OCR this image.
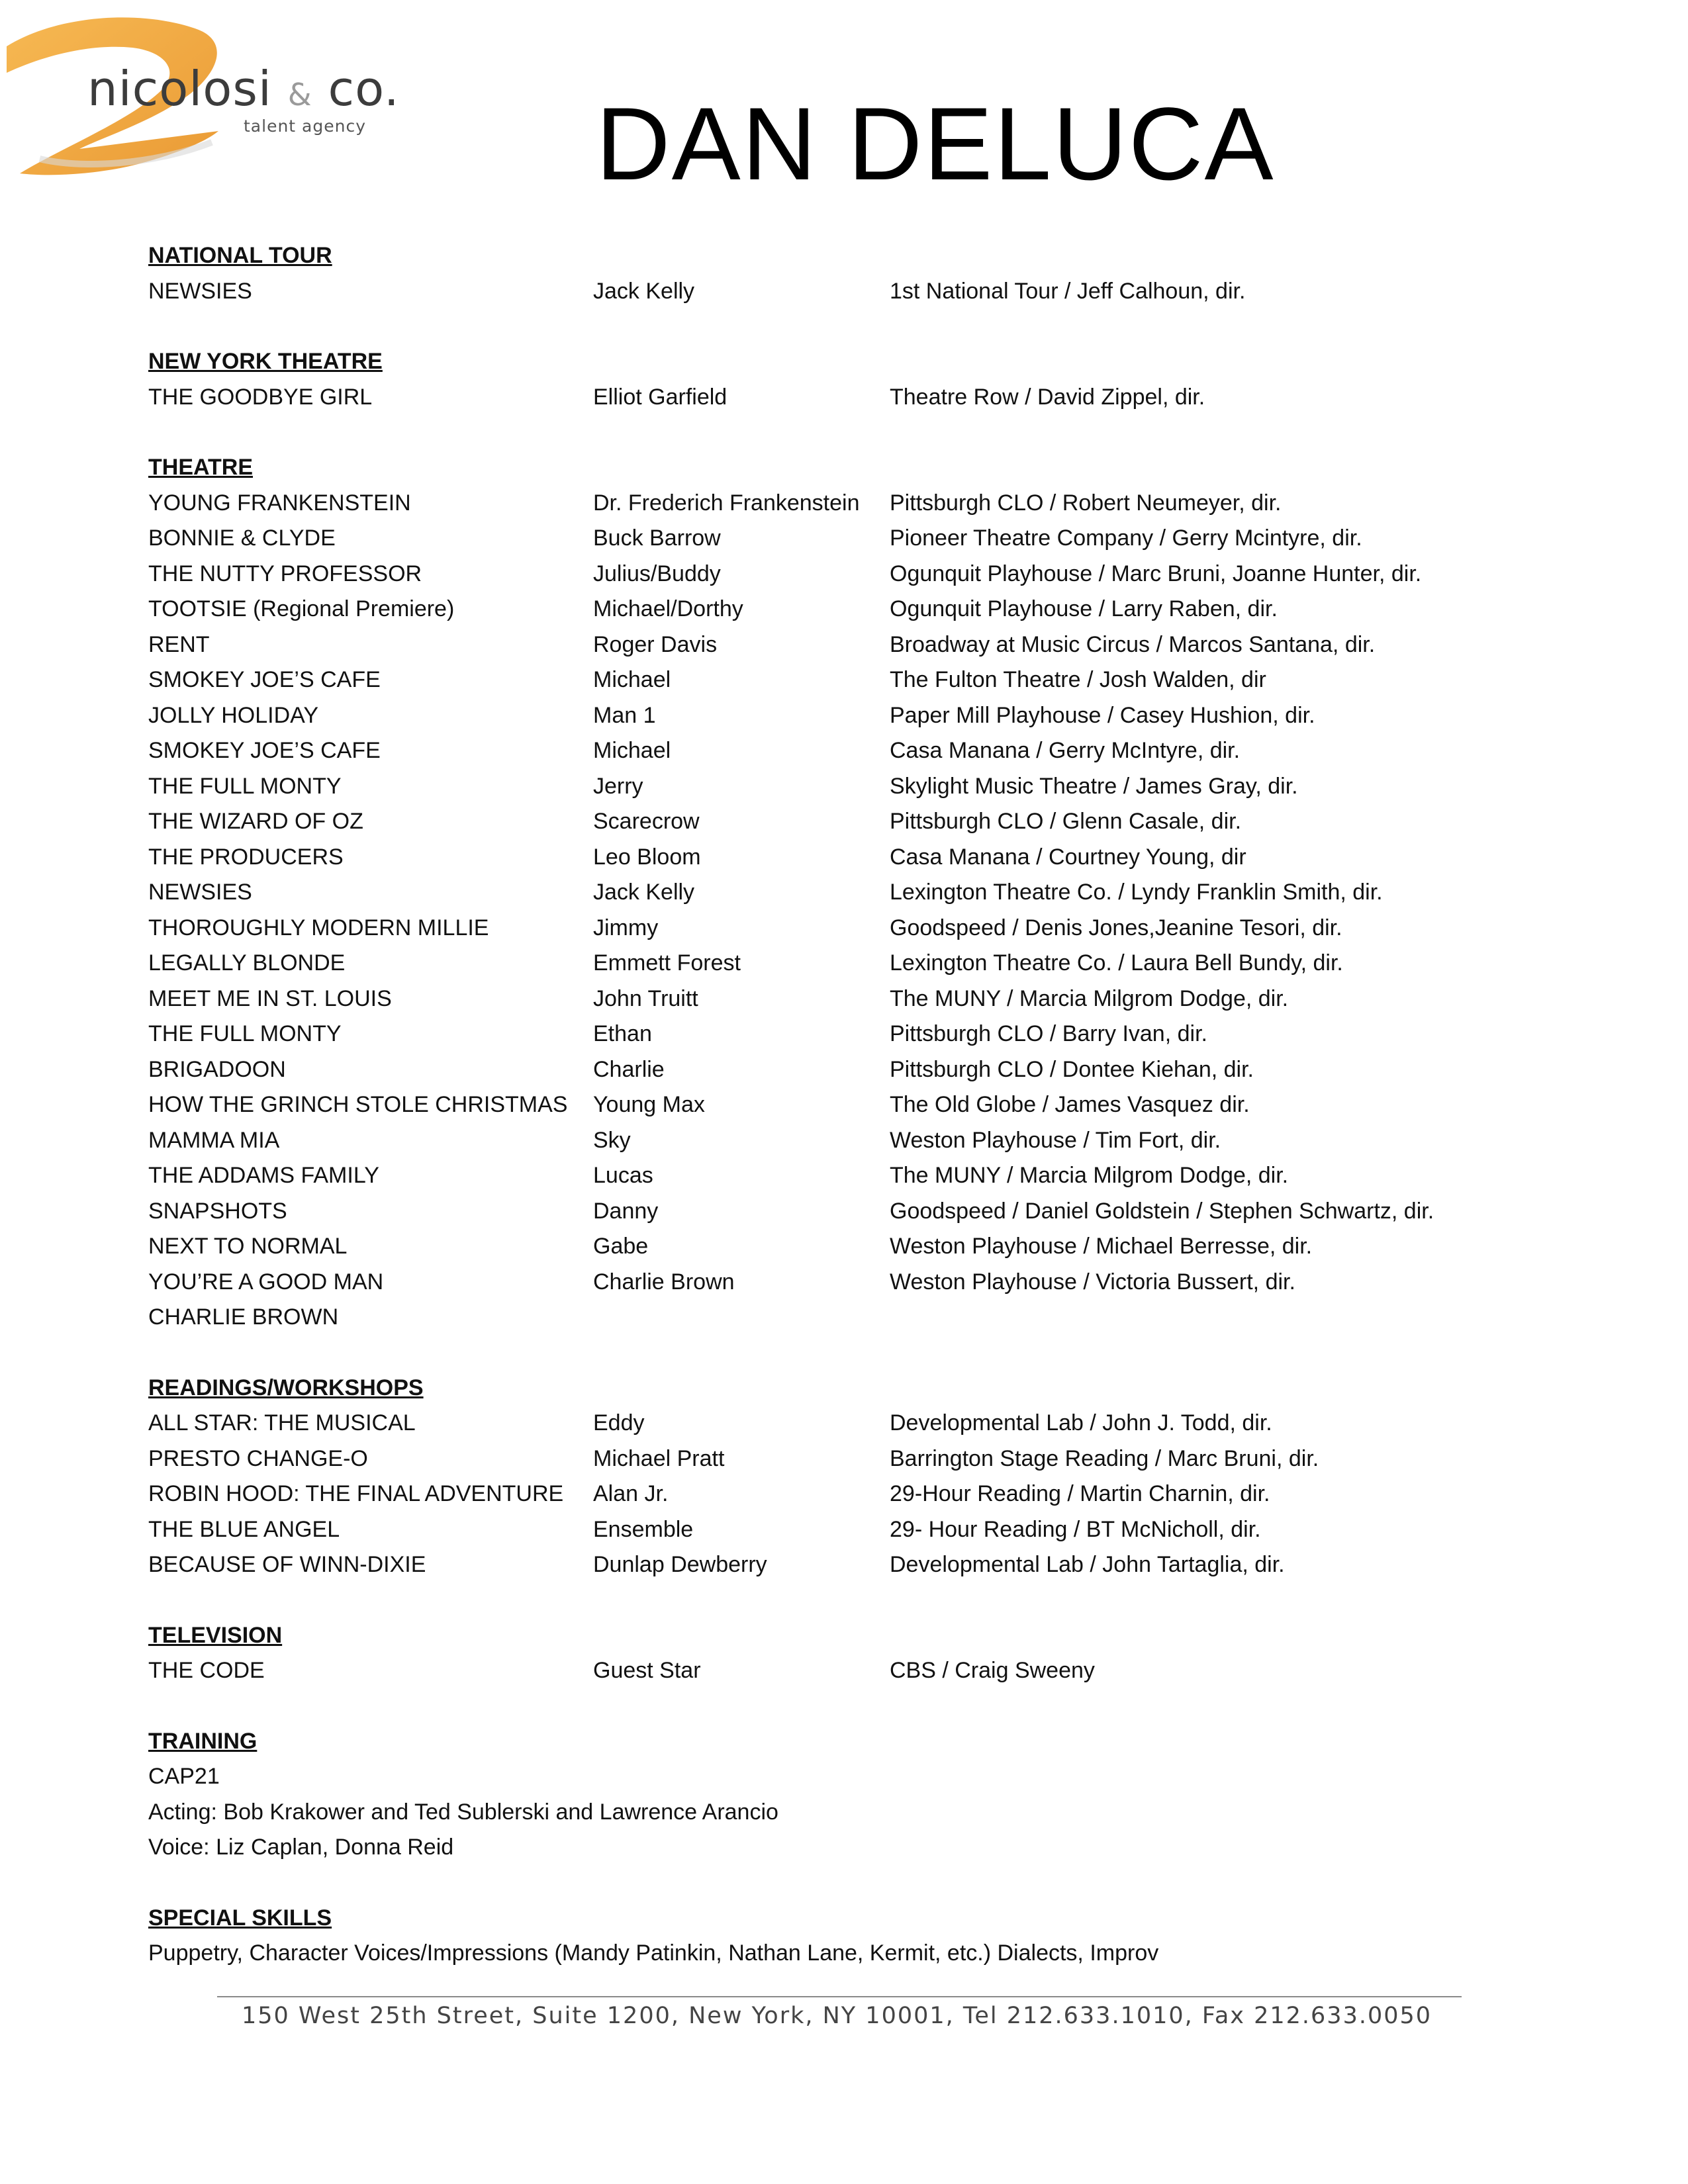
nicolosi & co.
talent agency DAN DELUCA
NATIONAL TOUR
NEWSIES	Jack Kelly	1st National Tour / Jeff Calhoun, dir.
NEW YORK THEATRE
THE GOODBYE GIRL	Elliot Garfield	Theatre Row / David Zippel, dir.
THEATRE
YOUNG FRANKENSTEIN	Dr. Frederich Frankenstein	Pittsburgh CLO / Robert Neumeyer, dir.
BONNIE & CLYDE	Buck Barrow	Pioneer Theatre Company / Gerry Mcintyre, dir.
THE NUTTY PROFESSOR	Julius/Buddy	Ogunquit Playhouse / Marc Bruni, Joanne Hunter, dir.
TOOTSIE (Regional Premiere)	Michael/Dorthy	Ogunquit Playhouse / Larry Raben, dir.
RENT	Roger Davis	Broadway at Music Circus / Marcos Santana, dir.
SMOKEY JOE’S CAFE	Michael	The Fulton Theatre / Josh Walden, dir
JOLLY HOLIDAY	Man 1	Paper Mill Playhouse / Casey Hushion, dir.
SMOKEY JOE’S CAFE	Michael	Casa Manana / Gerry McIntyre, dir.
THE FULL MONTY	Jerry	Skylight Music Theatre / James Gray, dir.
THE WIZARD OF OZ	Scarecrow	Pittsburgh CLO / Glenn Casale, dir.
THE PRODUCERS	Leo Bloom	Casa Manana / Courtney Young, dir
NEWSIES	Jack Kelly	Lexington Theatre Co. / Lyndy Franklin Smith, dir.
THOROUGHLY MODERN MILLIE	Jimmy	Goodspeed / Denis Jones,Jeanine Tesori, dir.
LEGALLY BLONDE	Emmett Forest	Lexington Theatre Co. / Laura Bell Bundy, dir.
MEET ME IN ST. LOUIS	John Truitt	The MUNY / Marcia Milgrom Dodge, dir.
THE FULL MONTY	Ethan	Pittsburgh CLO / Barry Ivan, dir.
BRIGADOON	Charlie	Pittsburgh CLO / Dontee Kiehan, dir.
HOW THE GRINCH STOLE CHRISTMAS	Young Max	The Old Globe / James Vasquez dir.
MAMMA MIA	Sky	Weston Playhouse / Tim Fort, dir.
THE ADDAMS FAMILY	Lucas	The MUNY / Marcia Milgrom Dodge, dir.
SNAPSHOTS	Danny	Goodspeed / Daniel Goldstein / Stephen Schwartz, dir.
NEXT TO NORMAL	Gabe	Weston Playhouse / Michael Berresse, dir.
YOU’RE A GOOD MAN	Charlie Brown	Weston Playhouse / Victoria Bussert, dir.
CHARLIE BROWN
READINGS/WORKSHOPS
ALL STAR: THE MUSICAL	Eddy	Developmental Lab / John J. Todd, dir.
PRESTO CHANGE-O	Michael Pratt	Barrington Stage Reading / Marc Bruni, dir.
ROBIN HOOD: THE FINAL ADVENTURE	Alan Jr.	29-Hour Reading / Martin Charnin, dir.
THE BLUE ANGEL	Ensemble	29- Hour Reading / BT McNicholl, dir.
BECAUSE OF WINN-DIXIE	Dunlap Dewberry	Developmental Lab / John Tartaglia, dir.
TELEVISION
THE CODE	Guest Star	CBS / Craig Sweeny
TRAINING
CAP21
Acting: Bob Krakower and Ted Sublerski and Lawrence Arancio
Voice: Liz Caplan, Donna Reid
SPECIAL SKILLS
Puppetry, Character Voices/Impressions (Mandy Patinkin, Nathan Lane, Kermit, etc.) Dialects, Improv
150 West 25th Street, Suite 1200, New York, NY 10001, Tel 212.633.1010, Fax 212.633.0050
